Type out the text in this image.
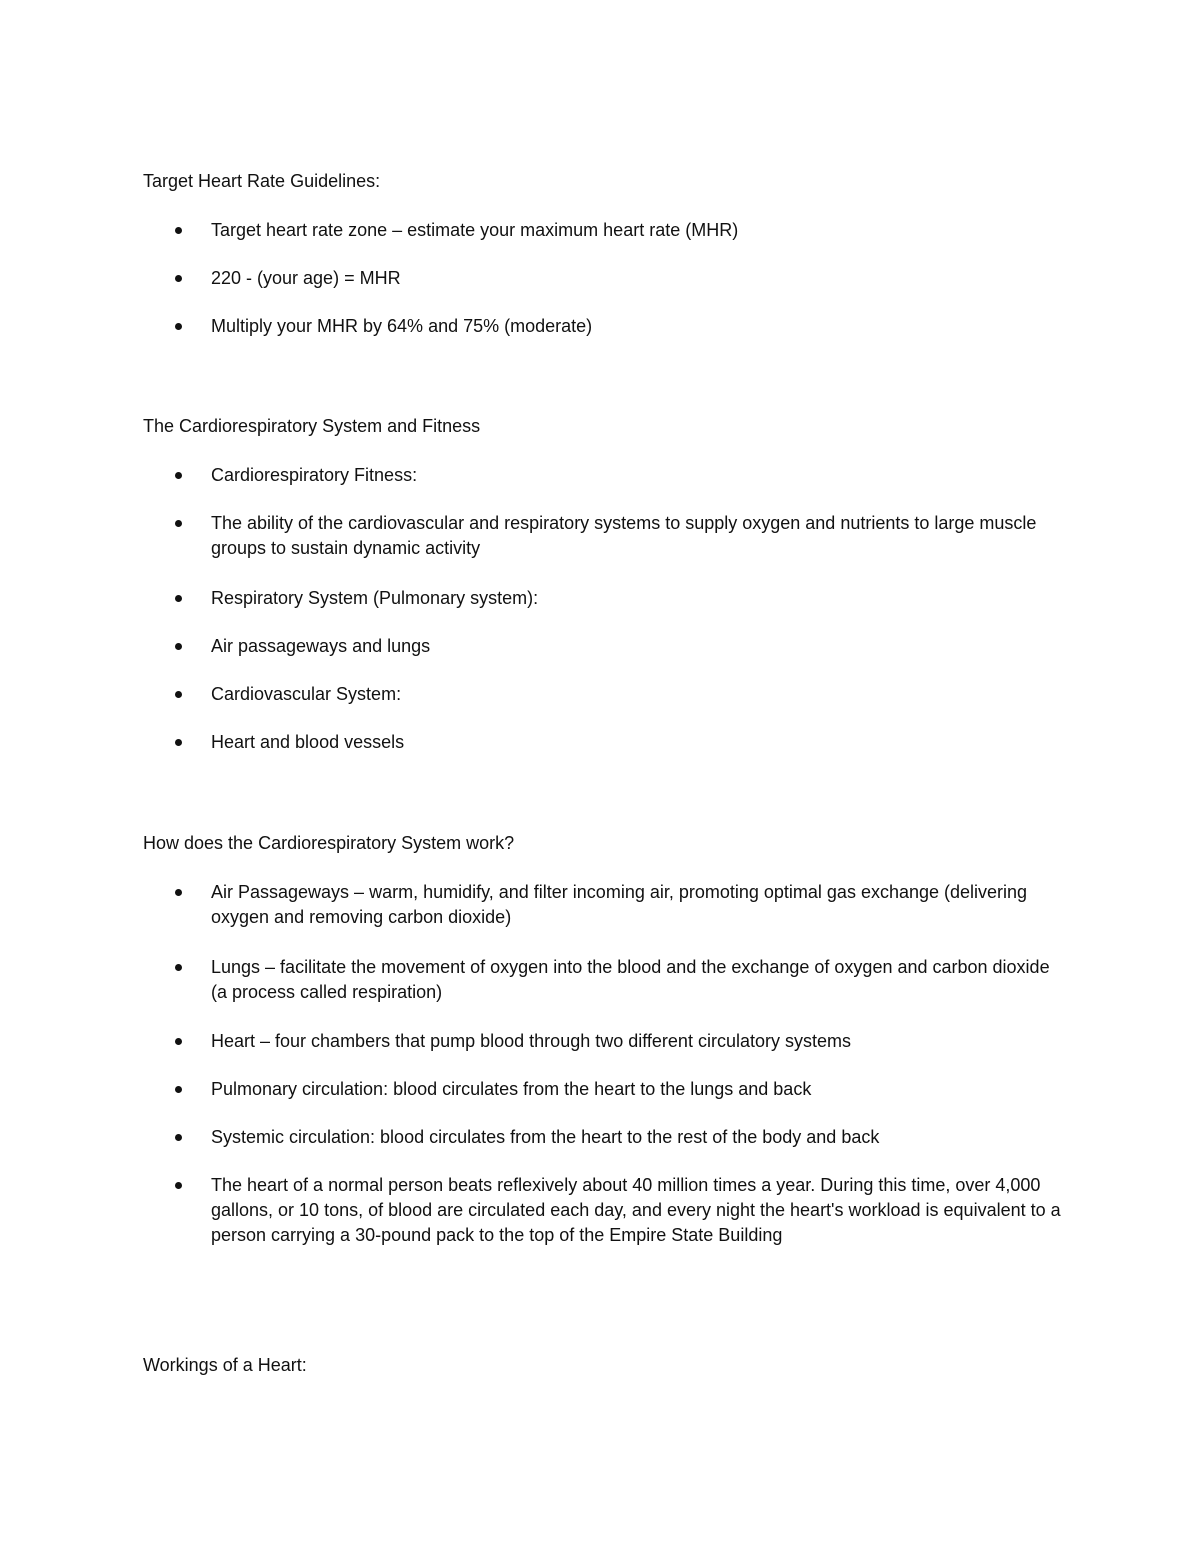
Target Heart Rate Guidelines:
Target heart rate zone – estimate your maximum heart rate (MHR)
220 - (your age) = MHR
Multiply your MHR by 64% and 75% (moderate)
The Cardiorespiratory System and Fitness
Cardiorespiratory Fitness:
The ability of the cardiovascular and respiratory systems to supply oxygen and nutrients to large muscle groups to sustain dynamic activity
Respiratory System (Pulmonary system):
Air passageways and lungs
Cardiovascular System:
Heart and blood vessels
How does the Cardiorespiratory System work?
Air Passageways – warm, humidify, and filter incoming air, promoting optimal gas exchange (delivering oxygen and removing carbon dioxide)
Lungs – facilitate the movement of oxygen into the blood and the exchange of oxygen and carbon dioxide (a process called respiration)
Heart – four chambers that pump blood through two different circulatory systems
Pulmonary circulation: blood circulates from the heart to the lungs and back
Systemic circulation: blood circulates from the heart to the rest of the body and back
The heart of a normal person beats reflexively about 40 million times a year. During this time, over 4,000 gallons, or 10 tons, of blood are circulated each day, and every night the heart's workload is equivalent to a person carrying a 30-pound pack to the top of the Empire State Building
Workings of a Heart:
